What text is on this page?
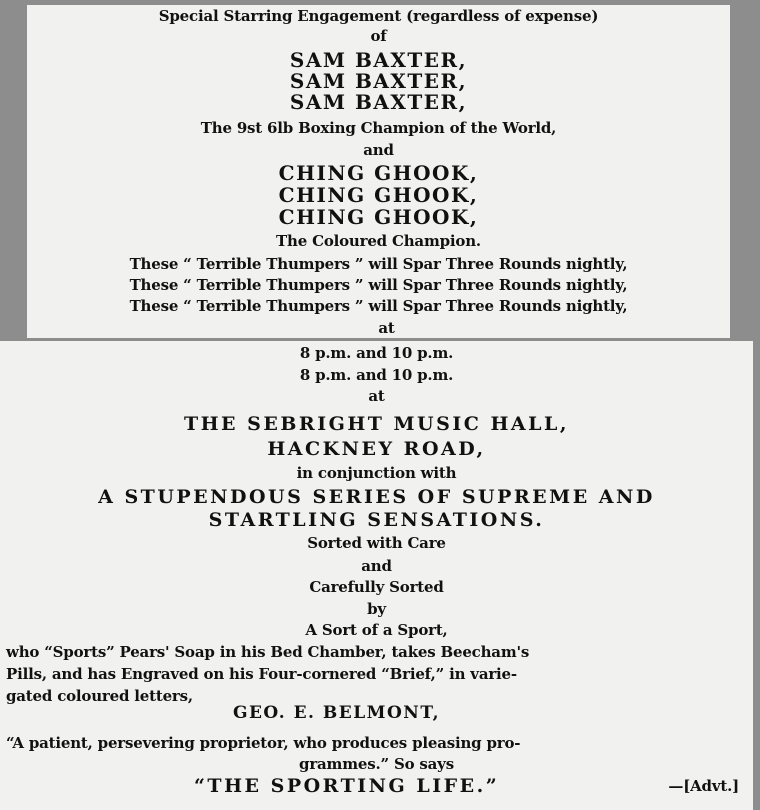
Special Starring Engagement (regardless of expense)
of
SAM BAXTER,
SAM BAXTER,
SAM BAXTER,
The 9st 6lb Boxing Champion of the World,
and
CHING GHOOK,
CHING GHOOK,
CHING GHOOK,
The Coloured Champion.
These “ Terrible Thumpers ” will Spar Three Rounds nightly,
These “ Terrible Thumpers ” will Spar Three Rounds nightly,
These “ Terrible Thumpers ” will Spar Three Rounds nightly,
at
8 p.m. and 10 p.m.
8 p.m. and 10 p.m.
at
THE SEBRIGHT MUSIC HALL,
HACKNEY ROAD,
in conjunction with
A STUPENDOUS SERIES OF SUPREME AND
STARTLING SENSATIONS.
Sorted with Care
and
Carefully Sorted
by
A Sort of a Sport,
who “Sports” Pears' Soap in his Bed Chamber, takes Beecham's
Pills, and has Engraved on his Four-cornered “Brief,” in varie-
gated coloured letters,
GEO. E. BELMONT,
“A patient, persevering proprietor, who produces pleasing pro-
grammes.” So says
“THE SPORTING LIFE.”	—[Advt.]
